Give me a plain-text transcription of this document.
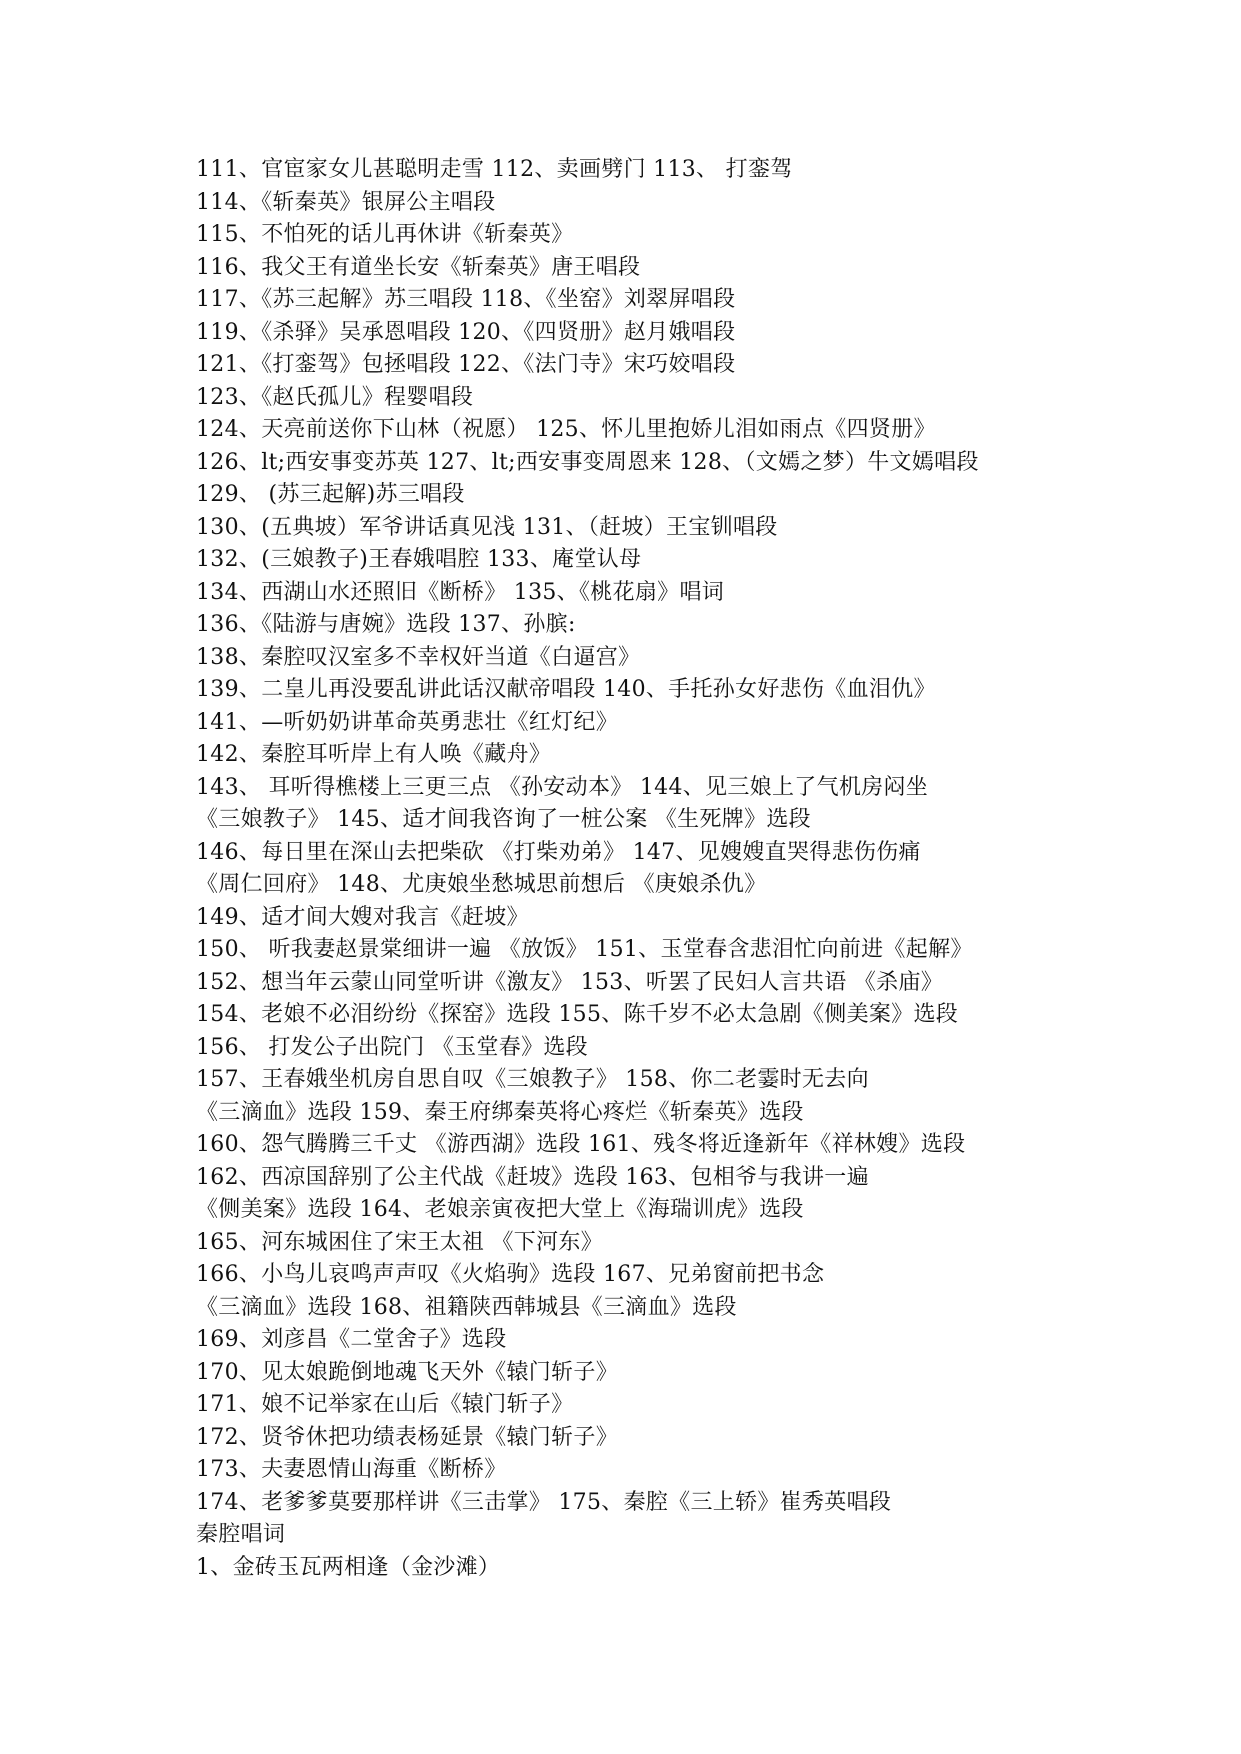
111、官宦家女儿甚聪明走雪 112、卖画劈门 113、 打銮驾
114、《斩秦英》银屏公主唱段
115、不怕死的话儿再休讲《斩秦英》
116、我父王有道坐长安《斩秦英》唐王唱段
117、《苏三起解》苏三唱段 118、《坐窑》刘翠屏唱段
119、《杀驿》吴承恩唱段 120、《四贤册》赵月娥唱段
121、《打銮驾》包拯唱段 122、《法门寺》宋巧姣唱段
123、《赵氏孤儿》程婴唱段
124、天亮前送你下山林（祝愿） 125、怀儿里抱娇儿泪如雨点《四贤册》
126、lt;西安事变苏英 127、lt;西安事变周恩来 128、（文嫣之梦）牛文嫣唱段
129、 (苏三起解)苏三唱段
130、(五典坡）军爷讲话真见浅 131、（赶坡）王宝钏唱段
132、(三娘教子)王春娥唱腔 133、庵堂认母
134、西湖山水还照旧《断桥》 135、《桃花扇》唱词
136、《陆游与唐婉》选段 137、孙膑:
138、秦腔叹汉室多不幸权奸当道《白逼宫》
139、二皇儿再没要乱讲此话汉献帝唱段 140、手托孙女好悲伤《血泪仇》
141、—听奶奶讲革命英勇悲壮《红灯纪》
142、秦腔耳听岸上有人唤《藏舟》
143、 耳听得樵楼上三更三点 《孙安动本》 144、见三娘上了气机房闷坐
《三娘教子》 145、适才间我咨询了一桩公案 《生死牌》选段
146、每日里在深山去把柴砍 《打柴劝弟》 147、见嫂嫂直哭得悲伤伤痛
《周仁回府》 148、尤庚娘坐愁城思前想后 《庚娘杀仇》
149、适才间大嫂对我言《赶坡》
150、 听我妻赵景棠细讲一遍 《放饭》 151、玉堂春含悲泪忙向前进《起解》
152、想当年云蒙山同堂听讲《激友》 153、听罢了民妇人言共语 《杀庙》
154、老娘不必泪纷纷《探窑》选段 155、陈千岁不必太急剧《侧美案》选段
156、 打发公子出院门 《玉堂春》选段
157、王春娥坐机房自思自叹《三娘教子》 158、你二老霎时无去向
《三滴血》选段 159、秦王府绑秦英将心疼烂《斩秦英》选段
160、怨气腾腾三千丈 《游西湖》选段 161、残冬将近逢新年《祥林嫂》选段
162、西凉国辞别了公主代战《赶坡》选段 163、包相爷与我讲一遍
《侧美案》选段 164、老娘亲寅夜把大堂上《海瑞训虎》选段
165、河东城困住了宋王太祖 《下河东》
166、小鸟儿哀鸣声声叹《火焰驹》选段 167、兄弟窗前把书念
《三滴血》选段 168、祖籍陕西韩城县《三滴血》选段
169、刘彦昌《二堂舍子》选段
170、见太娘跪倒地魂飞天外《辕门斩子》
171、娘不记举家在山后《辕门斩子》
172、贤爷休把功绩表杨延景《辕门斩子》
173、夫妻恩情山海重《断桥》
174、老爹爹莫要那样讲《三击掌》 175、秦腔《三上轿》崔秀英唱段
秦腔唱词
1、金砖玉瓦两相逢（金沙滩）
